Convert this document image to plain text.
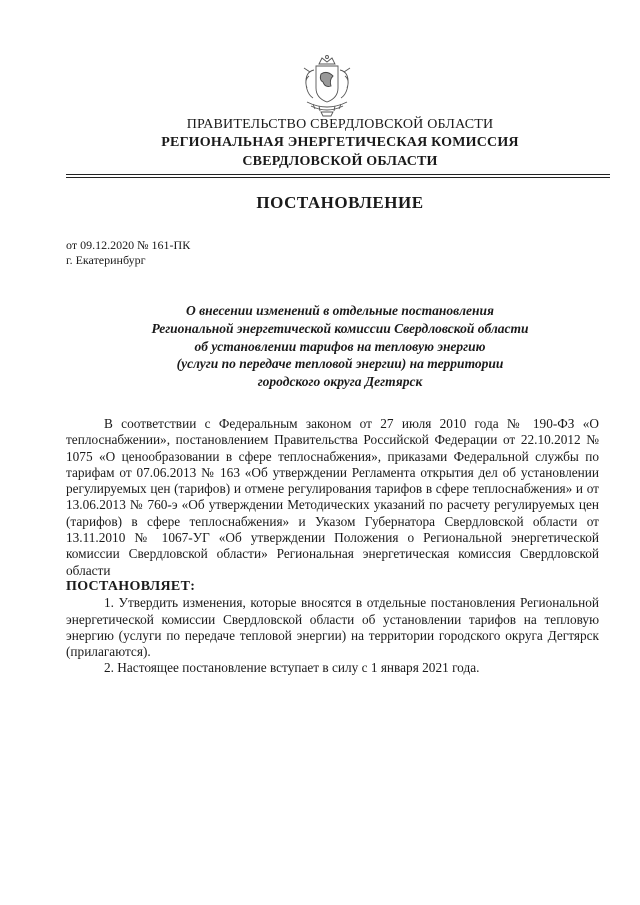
ПРАВИТЕЛЬСТВО СВЕРДЛОВСКОЙ ОБЛАСТИ
РЕГИОНАЛЬНАЯ ЭНЕРГЕТИЧЕСКАЯ КОМИССИЯ
СВЕРДЛОВСКОЙ ОБЛАСТИ
ПОСТАНОВЛЕНИЕ
от 09.12.2020 № 161-ПК
г. Екатеринбург
О внесении изменений в отдельные постановления
Региональной энергетической комиссии Свердловской области
об установлении тарифов на тепловую энергию
(услуги по передаче тепловой энергии) на территории
городского округа Дегтярск

В соответствии с Федеральным законом от 27 июля 2010 года № 190-ФЗ «О теплоснабжении», постановлением Правительства Российской Федерации от 22.10.2012 № 1075 «О ценообразовании в сфере теплоснабжения», приказами Федеральной службы по тарифам от 07.06.2013 № 163 «Об утверждении Регламента открытия дел об установлении регулируемых цен (тарифов) и отмене регулирования тарифов в сфере теплоснабжения» и от 13.06.2013 № 760-э «Об утверждении Методических указаний по расчету регулируемых цен (тарифов) в сфере теплоснабжения» и Указом Губернатора Свердловской области от 13.11.2010 № 1067-УГ «Об утверждении Положения о Региональной энергетической комиссии Свердловской области» Региональная энергетическая комиссия Свердловской области

ПОСТАНОВЛЯЕТ:

1. Утвердить изменения, которые вносятся в отдельные постановления Региональной энергетической комиссии Свердловской области об установлении тарифов на тепловую энергию (услуги по передаче тепловой энергии) на территории городского округа Дегтярск (прилагаются).

2. Настоящее постановление вступает в силу с 1 января 2021 года.
